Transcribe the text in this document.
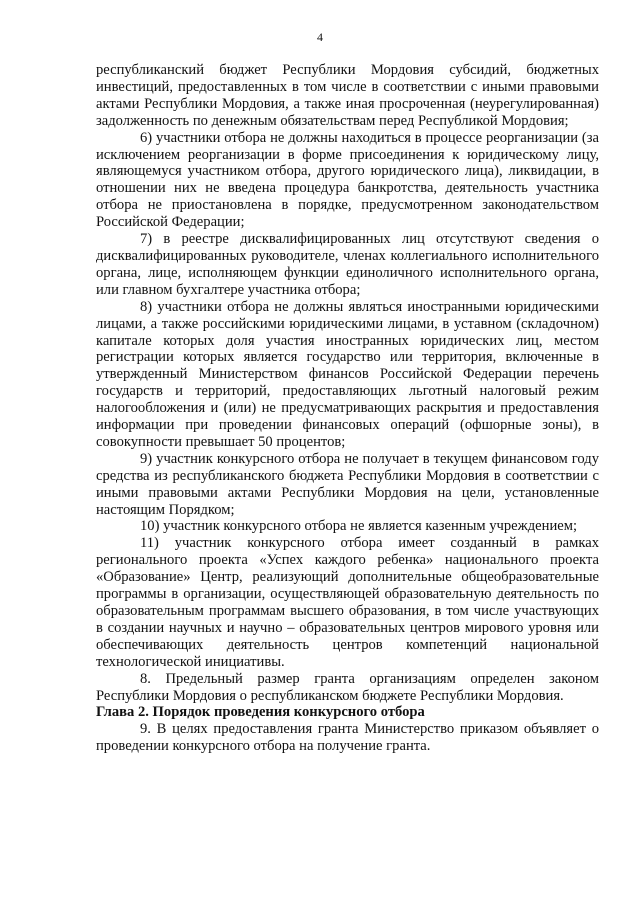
4

республиканский бюджет Республики Мордовия субсидий, бюджетных инвестиций, предоставленных в том числе в соответствии с иными правовыми актами Республики Мордовия, а также иная просроченная (неурегулированная) задолженность по денежным обязательствам перед Республикой Мордовия;

6) участники отбора не должны находиться в процессе реорганизации (за исключением реорганизации в форме присоединения к юридическому лицу, являющемуся участником отбора, другого юридического лица), ликвидации, в отношении них не введена процедура банкротства, деятельность участника отбора не приостановлена в порядке, предусмотренном законодательством Российской Федерации;

7) в реестре дисквалифицированных лиц отсутствуют сведения о дисквалифицированных руководителе, членах коллегиального исполнительного органа, лице, исполняющем функции единоличного исполнительного органа, или главном бухгалтере участника отбора;

8) участники отбора не должны являться иностранными юридическими лицами, а также российскими юридическими лицами, в уставном (складочном) капитале которых доля участия иностранных юридических лиц, местом регистрации которых является государство или территория, включенные в утвержденный Министерством финансов Российской Федерации перечень государств и территорий, предоставляющих льготный налоговый режим налогообложения и (или) не предусматривающих раскрытия и предоставления информации при проведении финансовых операций (офшорные зоны), в совокупности превышает 50 процентов;

9) участник конкурсного отбора не получает в текущем финансовом году средства из республиканского бюджета Республики Мордовия в соответствии с иными правовыми актами Республики Мордовия на цели, установленные настоящим Порядком;

10) участник конкурсного отбора не является казенным учреждением;

11) участник конкурсного отбора имеет созданный в рамках регионального проекта «Успех каждого ребенка» национального проекта «Образование» Центр, реализующий дополнительные общеобразовательные программы в организации, осуществляющей образовательную деятельность по образовательным программам высшего образования, в том числе участвующих в создании научных и научно – образовательных центров мирового уровня или обеспечивающих деятельность центров компетенций национальной технологической инициативы.

8. Предельный размер гранта организациям определен законом Республики Мордовия о республиканском бюджете Республики Мордовия.

Глава 2. Порядок проведения конкурсного отбора

9. В целях предоставления гранта Министерство приказом объявляет о проведении конкурсного отбора на получение гранта.
